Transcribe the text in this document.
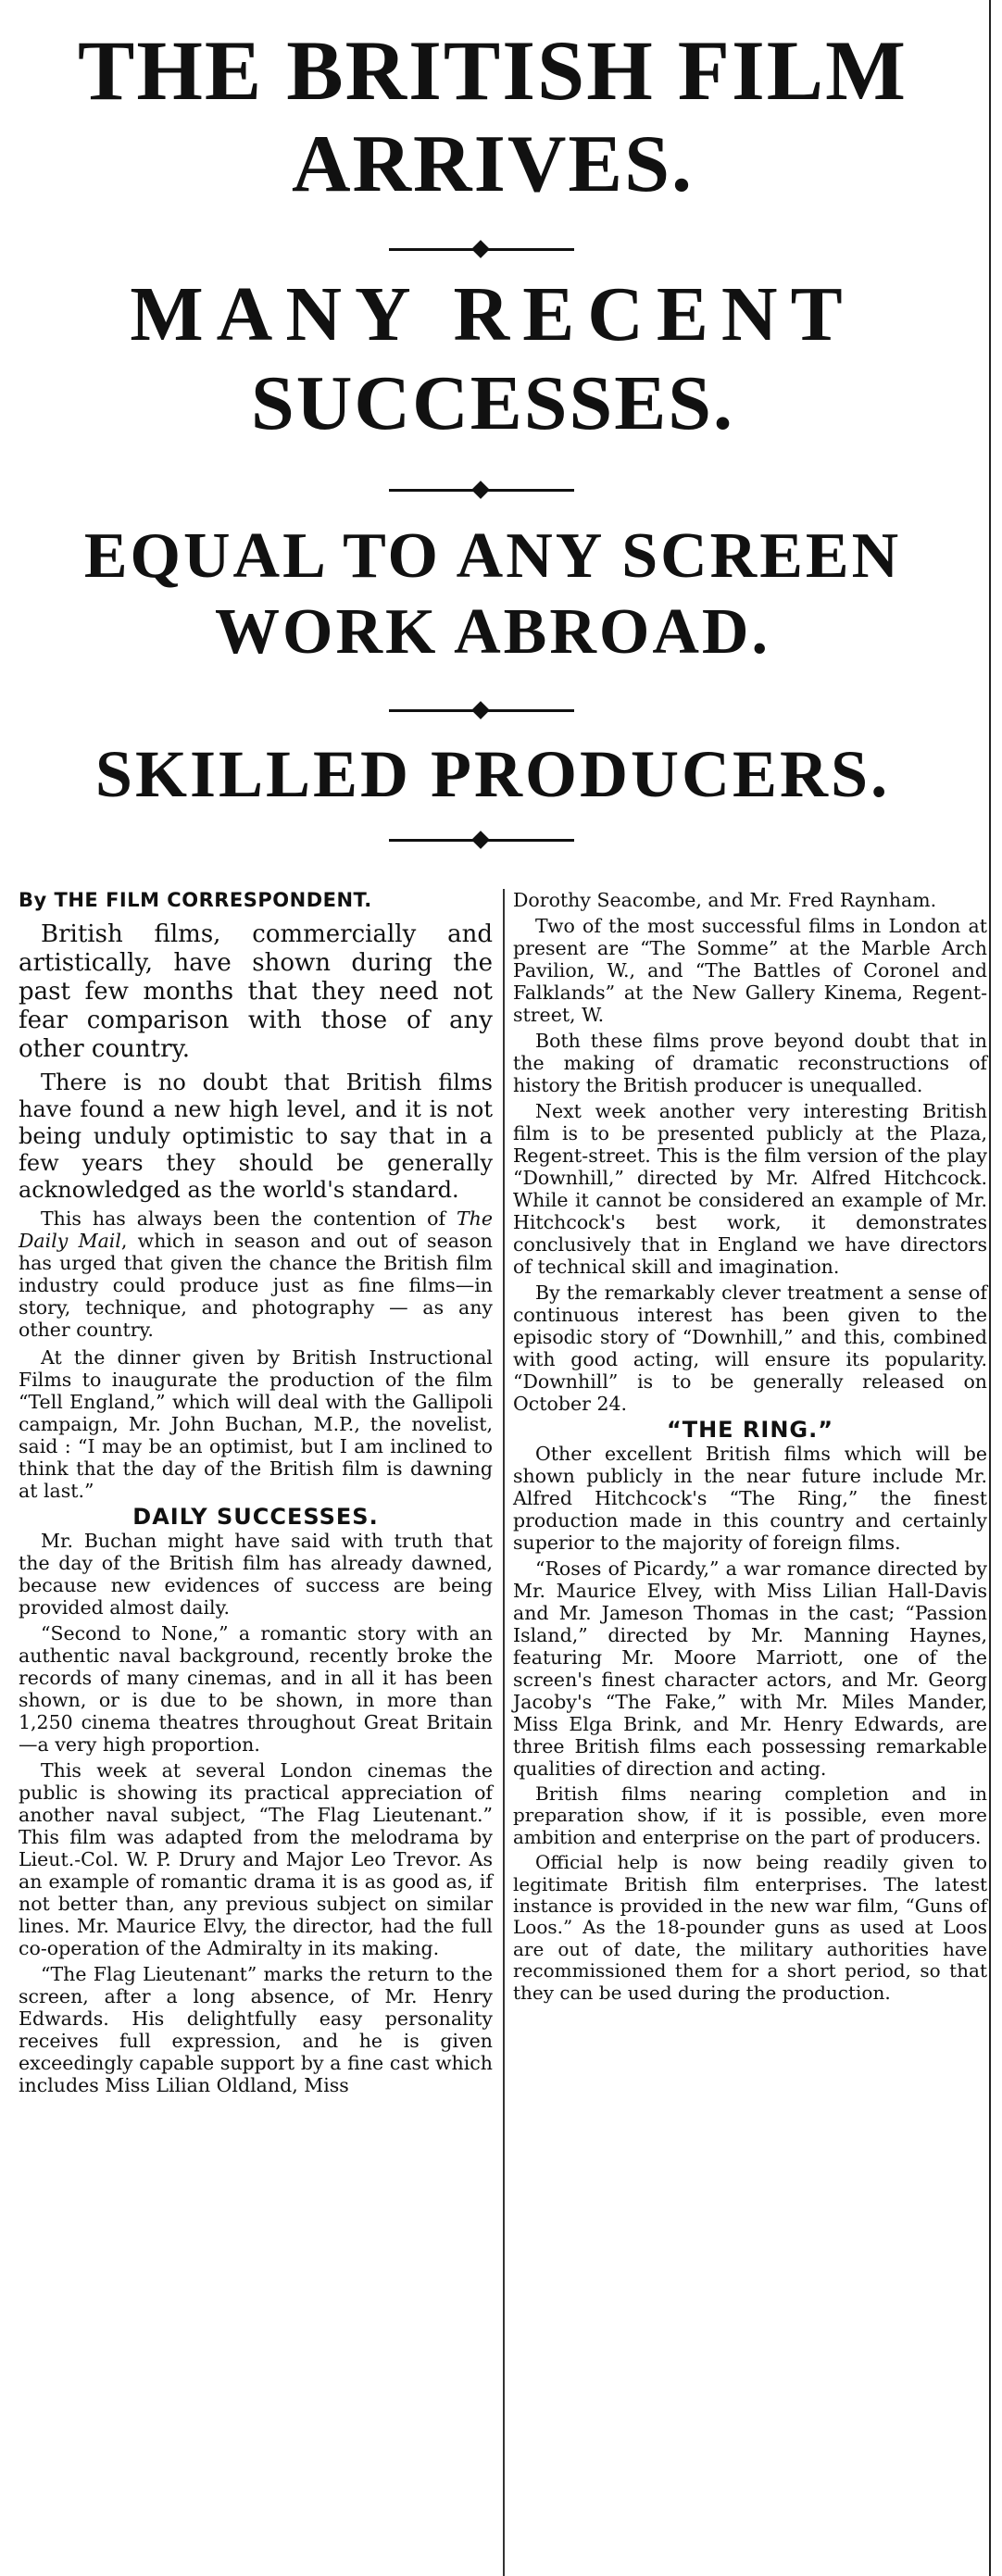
THE BRITISH FILM
ARRIVES.
MANY RECENT
SUCCESSES.
EQUAL TO ANY SCREEN
WORK ABROAD.
SKILLED PRODUCERS.

By THE FILM CORRESPONDENT.

British films, commercially and artistically, have shown during the past few months that they need not fear comparison with those of any other country.

There is no doubt that British films have found a new high level, and it is not being unduly optimistic to say that in a few years they should be generally acknowledged as the world's standard.

This has always been the contention of The Daily Mail, which in season and out of season has urged that given the chance the British film industry could produce just as fine films—in story, technique, and photography — as any other country.

At the dinner given by British Instructional Films to inaugurate the production of the film “Tell England,” which will deal with the Gallipoli campaign, Mr. John Buchan, M.P., the novelist, said : “I may be an optimist, but I am inclined to think that the day of the British film is dawning at last.”

DAILY SUCCESSES.

Mr. Buchan might have said with truth that the day of the British film has already dawned, because new evidences of success are being provided almost daily.

“Second to None,” a romantic story with an authentic naval background, recently broke the records of many cinemas, and in all it has been shown, or is due to be shown, in more than 1,250 cinema theatres throughout Great Britain—a very high proportion.

This week at several London cinemas the public is showing its practical appreciation of another naval subject, “The Flag Lieutenant.” This film was adapted from the melodrama by Lieut.-Col. W. P. Drury and Major Leo Trevor. As an example of romantic drama it is as good as, if not better than, any previous subject on similar lines. Mr. Maurice Elvy, the director, had the full co-operation of the Admiralty in its making.

“The Flag Lieutenant” marks the return to the screen, after a long absence, of Mr. Henry Edwards. His delightfully easy personality receives full expression, and he is given exceedingly capable support by a fine cast which includes Miss Lilian Oldland, Miss

Dorothy Seacombe, and Mr. Fred Raynham.

Two of the most successful films in London at present are “The Somme” at the Marble Arch Pavilion, W., and “The Battles of Coronel and Falklands” at the New Gallery Kinema, Regent-street, W.

Both these films prove beyond doubt that in the making of dramatic reconstructions of history the British producer is unequalled.

Next week another very interesting British film is to be presented publicly at the Plaza, Regent-street. This is the film version of the play “Downhill,” directed by Mr. Alfred Hitchcock. While it cannot be considered an example of Mr. Hitchcock's best work, it demonstrates conclusively that in England we have directors of technical skill and imagination.

By the remarkably clever treatment a sense of continuous interest has been given to the episodic story of “Downhill,” and this, combined with good acting, will ensure its popularity. “Downhill” is to be generally released on October 24.

“THE RING.”

Other excellent British films which will be shown publicly in the near future include Mr. Alfred Hitchcock's “The Ring,” the finest production made in this country and certainly superior to the majority of foreign films.

“Roses of Picardy,” a war romance directed by Mr. Maurice Elvey, with Miss Lilian Hall-Davis and Mr. Jameson Thomas in the cast; “Passion Island,” directed by Mr. Manning Haynes, featuring Mr. Moore Marriott, one of the screen's finest character actors, and Mr. Georg Jacoby's “The Fake,” with Mr. Miles Mander, Miss Elga Brink, and Mr. Henry Edwards, are three British films each possessing remarkable qualities of direction and acting.

British films nearing completion and in preparation show, if it is possible, even more ambition and enterprise on the part of producers.

Official help is now being readily given to legitimate British film enterprises. The latest instance is provided in the new war film, “Guns of Loos.” As the 18-pounder guns as used at Loos are out of date, the military authorities have recommissioned them for a short period, so that they can be used during the production.
